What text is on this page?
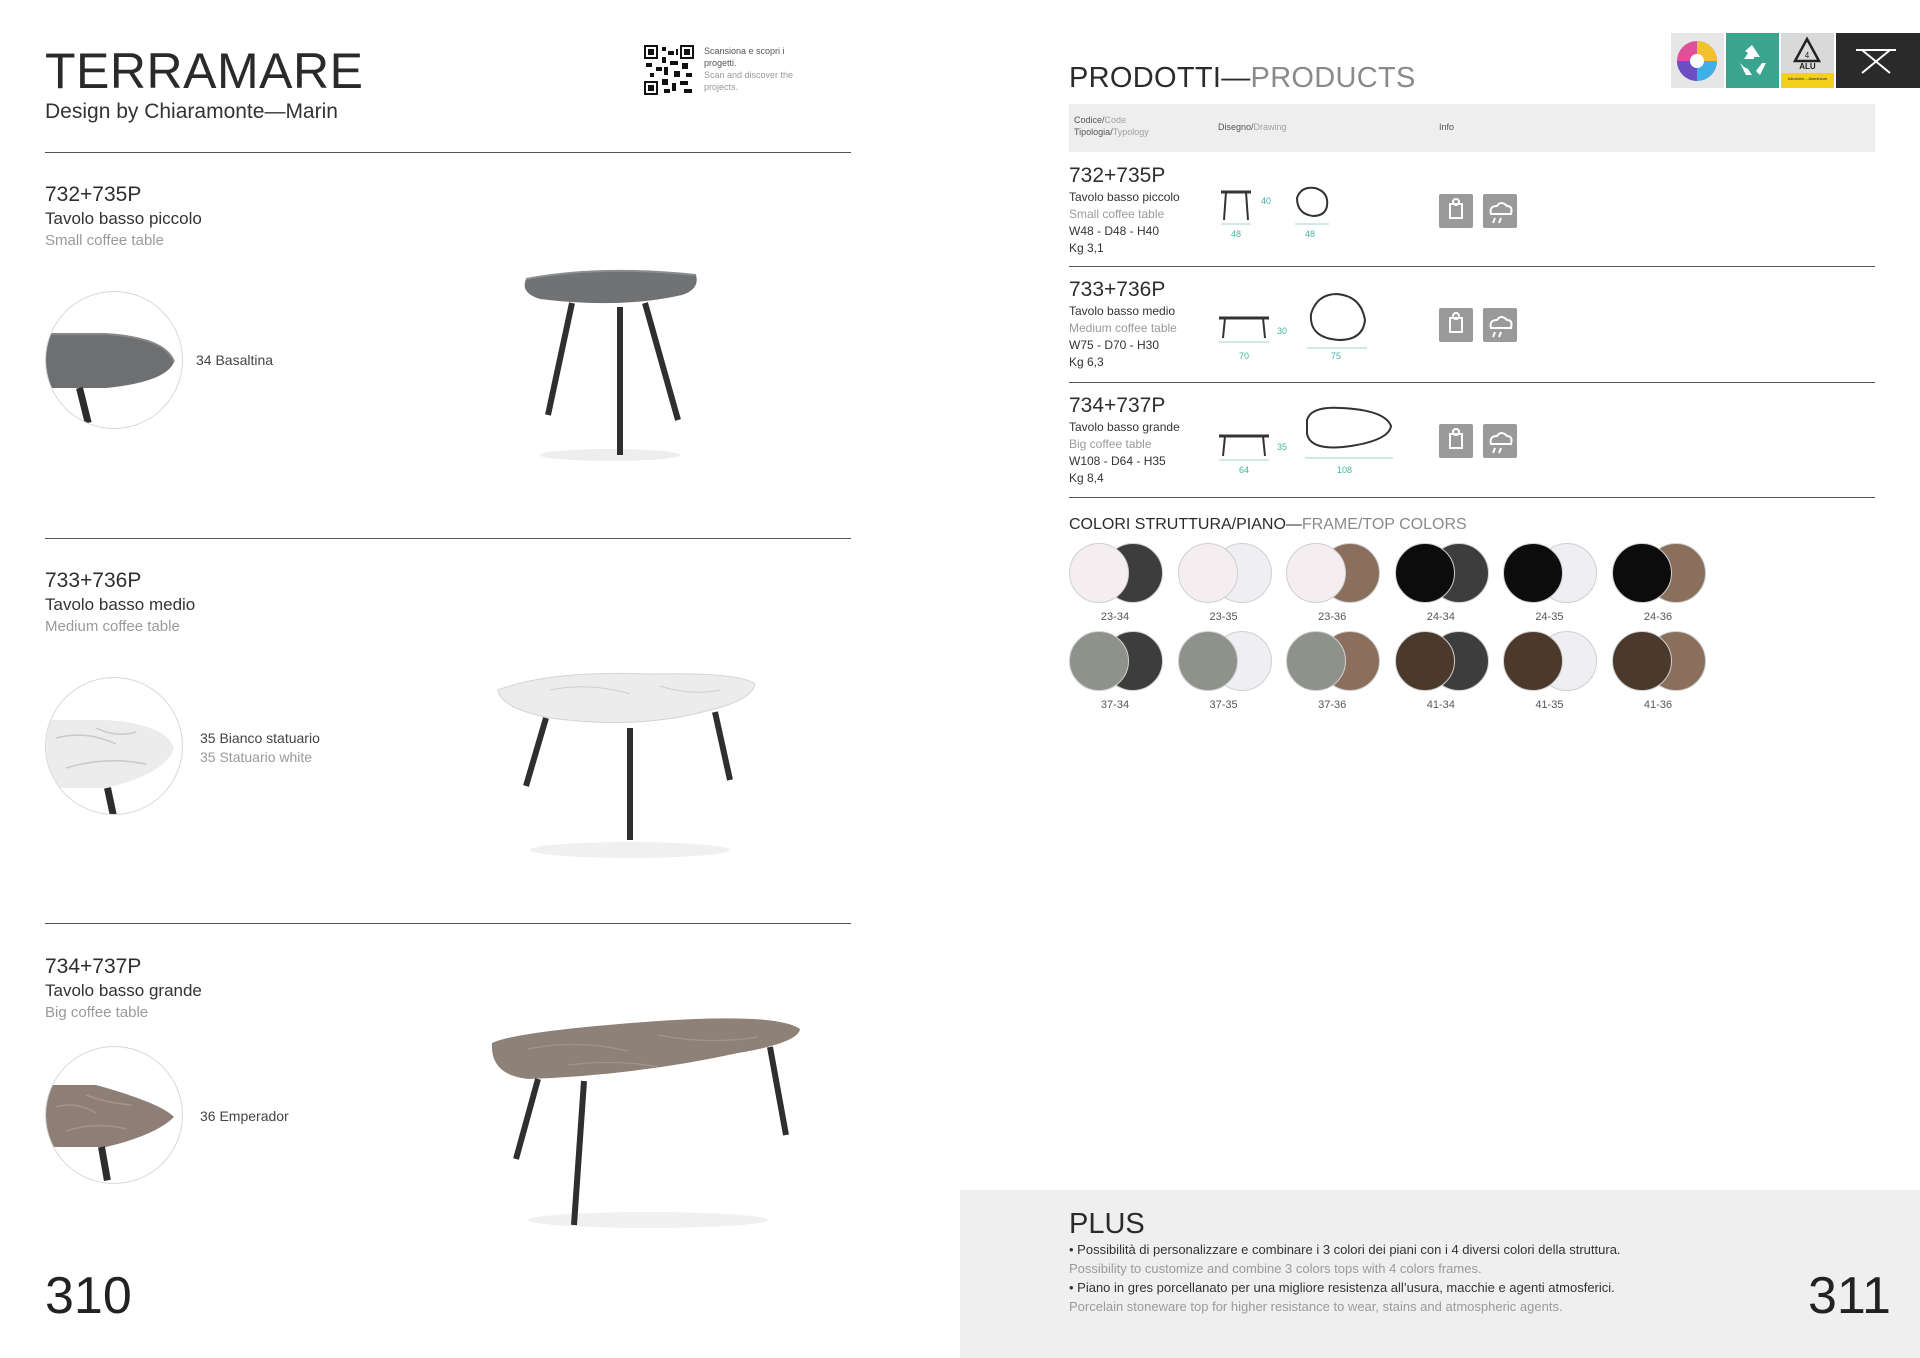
TERRAMARE
Design by Chiaramonte—Marin
Scansiona e scopri i progetti.
Scan and discover the projects.
732+735P
Tavolo basso piccolo
Small coffee table
34 Basaltina
733+736P
Tavolo basso medio
Medium coffee table
35 Bianco statuario
35 Statuario white
734+737P
Tavolo basso grande
Big coffee table
36 Emperador
310
4
ALU
Alluminio – Aluminium
PRODOTTI—PRODUCTS
Codice/Code
Tipologia/Typology	Disegno/Drawing	Info
732+735P
Tavolo basso piccolo
Small coffee table
W48 - D48 - H40
Kg 3,1
40
48	48
733+736P
Tavolo basso medio
Medium coffee table
W75 - D70 - H30
Kg 6,3
30
70	75
734+737P
Tavolo basso grande
Big coffee table
W108 - D64 - H35
Kg 8,4
35
64	108
COLORI STRUTTURA/PIANO—FRAME/TOP COLORS
23-34	23-35	23-36	24-34	24-35	24-36
37-34	37-35	37-36	41-34	41-35	41-36
PLUS
• Possibilità di personalizzare e combinare i 3 colori dei piani con i 4 diversi colori della struttura.
Possibility to customize and combine 3 colors tops with 4 colors frames.
• Piano in gres porcellanato per una migliore resistenza all’usura, macchie e agenti atmosferici.
Porcelain stoneware top for higher resistance to wear, stains and atmospheric agents.	311
